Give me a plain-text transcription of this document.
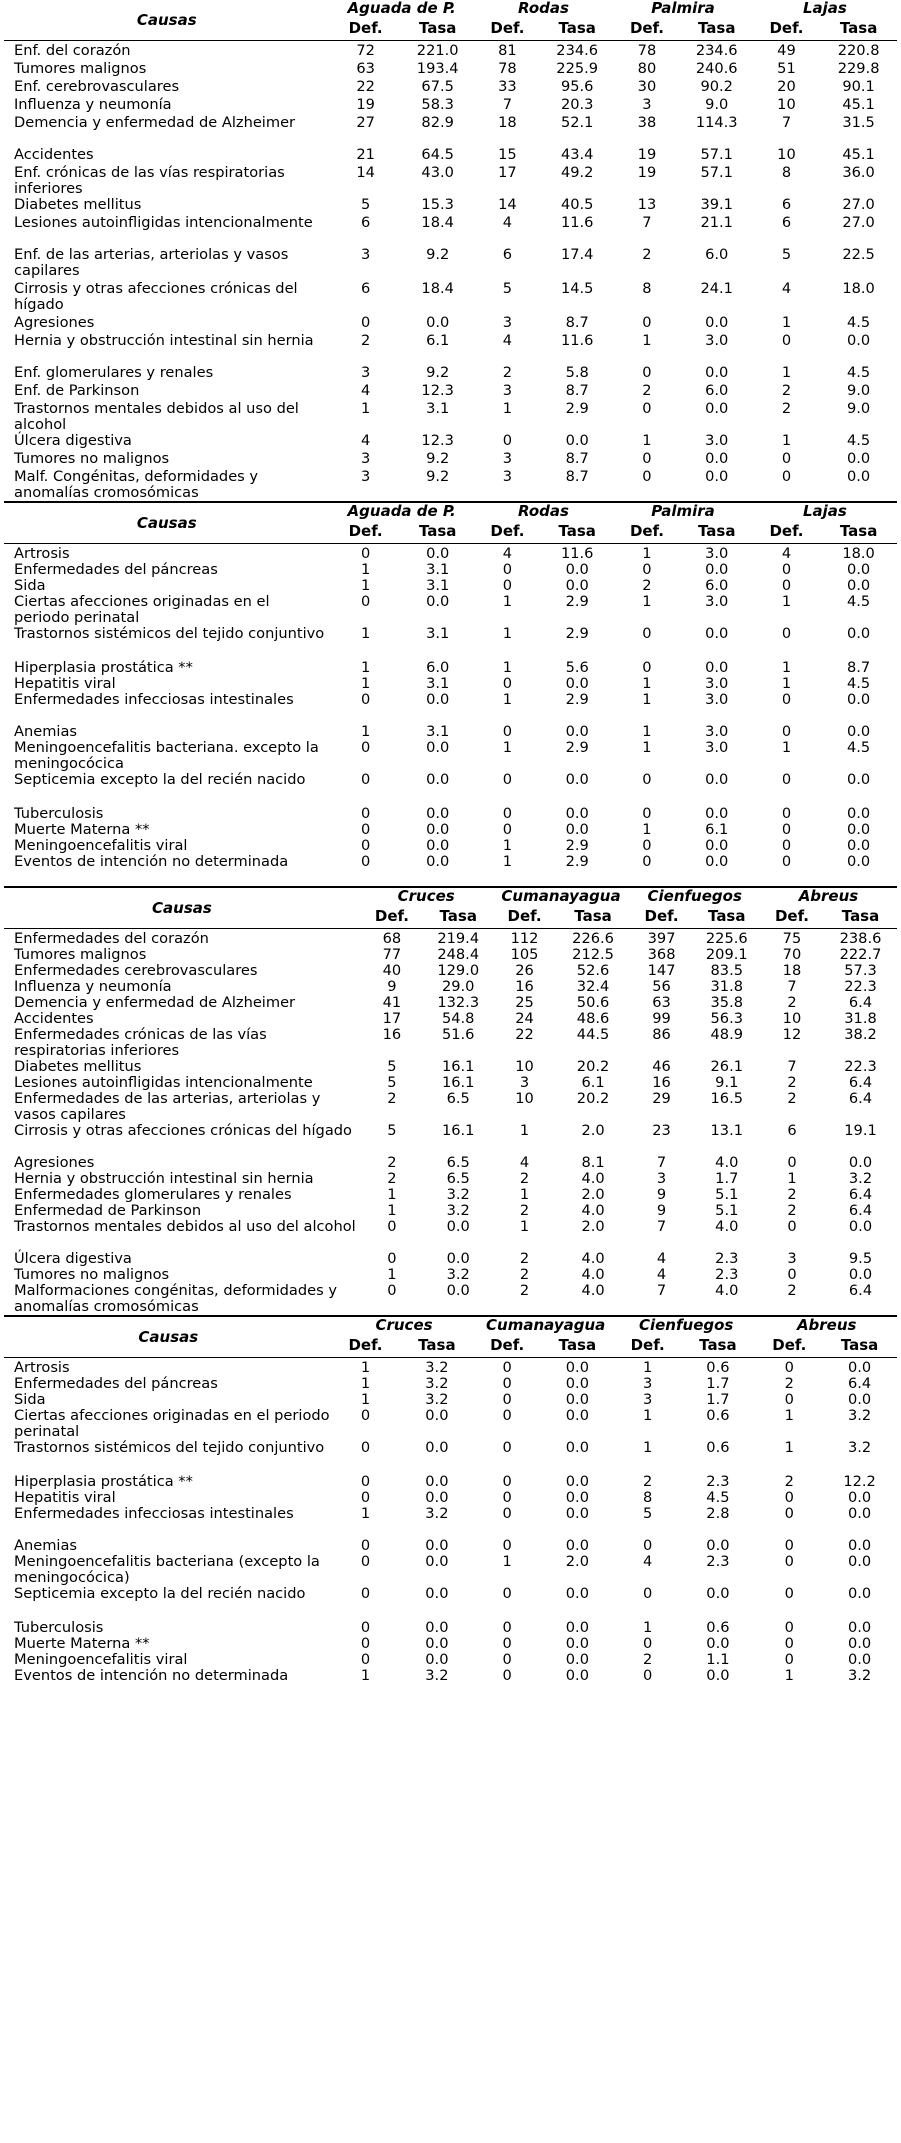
Causas	Aguada de P.		Rodas		Palmira		Lajas	
	Def.	Tasa	Def.	Tasa	Def.	Tasa	Def.	Tasa

Enf. del corazón	72	221.0	81	234.6	78	234.6	49	220.8
Tumores malignos	63	193.4	78	225.9	80	240.6	51	229.8
Enf. cerebrovasculares	22	67.5	33	95.6	30	90.2	20	90.1
Influenza y neumonía	19	58.3	7	20.3	3	9.0	10	45.1
Demencia y enfermedad de Alzheimer	27	82.9	18	52.1	38	114.3	7	31.5
Accidentes	21	64.5	15	43.4	19	57.1	10	45.1
Enf. crónicas de las vías respiratorias inferiores	14	43.0	17	49.2	19	57.1	8	36.0
Diabetes mellitus	5	15.3	14	40.5	13	39.1	6	27.0
Lesiones autoinfligidas intencionalmente	6	18.4	4	11.6	7	21.1	6	27.0
Enf. de las arterias, arteriolas y vasos capilares	3	9.2	6	17.4	2	6.0	5	22.5
Cirrosis y otras afecciones crónicas del hígado	6	18.4	5	14.5	8	24.1	4	18.0
Agresiones	0	0.0	3	8.7	0	0.0	1	4.5
Hernia y obstrucción intestinal sin hernia	2	6.1	4	11.6	1	3.0	0	0.0
Enf. glomerulares y renales	3	9.2	2	5.8	0	0.0	1	4.5
Enf. de Parkinson	4	12.3	3	8.7	2	6.0	2	9.0
Trastornos mentales debidos al uso del alcohol	1	3.1	1	2.9	0	0.0	2	9.0
Úlcera digestiva	4	12.3	0	0.0	1	3.0	1	4.5
Tumores no malignos	3	9.2	3	8.7	0	0.0	0	0.0
Malf. Congénitas, deformidades y anomalías cromosómicas	3	9.2	3	8.7	0	0.0	0	0.0
Causas	Aguada de P.		Rodas		Palmira		Lajas	
	Def.	Tasa	Def.	Tasa	Def.	Tasa	Def.	Tasa

Artrosis	0	0.0	4	11.6	1	3.0	4	18.0
Enfermedades del páncreas	1	3.1	0	0.0	0	0.0	0	0.0
Sida	1	3.1	0	0.0	2	6.0	0	0.0
Ciertas afecciones originadas en el periodo perinatal	0	0.0	1	2.9	1	3.0	1	4.5
Trastornos sistémicos del tejido conjuntivo	1	3.1	1	2.9	0	0.0	0	0.0
Hiperplasia prostática **	1	6.0	1	5.6	0	0.0	1	8.7
Hepatitis viral	1	3.1	0	0.0	1	3.0	1	4.5
Enfermedades infecciosas intestinales	0	0.0	1	2.9	1	3.0	0	0.0
Anemias	1	3.1	0	0.0	1	3.0	0	0.0
Meningoencefalitis bacteriana. excepto la meningocócica	0	0.0	1	2.9	1	3.0	1	4.5
Septicemia excepto la del recién nacido	0	0.0	0	0.0	0	0.0	0	0.0
Tuberculosis	0	0.0	0	0.0	0	0.0	0	0.0
Muerte Materna **	0	0.0	0	0.0	1	6.1	0	0.0
Meningoencefalitis viral	0	0.0	1	2.9	0	0.0	0	0.0
Eventos de intención no determinada	0	0.0	1	2.9	0	0.0	0	0.0
Causas	Cruces		Cumanayagua		Cienfuegos		Abreus	
	Def.	Tasa	Def.	Tasa	Def.	Tasa	Def.	Tasa

Enfermedades del corazón	68	219.4	112	226.6	397	225.6	75	238.6
Tumores malignos	77	248.4	105	212.5	368	209.1	70	222.7
Enfermedades cerebrovasculares	40	129.0	26	52.6	147	83.5	18	57.3
Influenza y neumonía	9	29.0	16	32.4	56	31.8	7	22.3
Demencia y enfermedad de Alzheimer	41	132.3	25	50.6	63	35.8	2	6.4
Accidentes	17	54.8	24	48.6	99	56.3	10	31.8
Enfermedades crónicas de las vías respiratorias inferiores	16	51.6	22	44.5	86	48.9	12	38.2
Diabetes mellitus	5	16.1	10	20.2	46	26.1	7	22.3
Lesiones autoinfligidas intencionalmente	5	16.1	3	6.1	16	9.1	2	6.4
Enfermedades de las arterias, arteriolas y vasos capilares	2	6.5	10	20.2	29	16.5	2	6.4
Cirrosis y otras afecciones crónicas del hígado	5	16.1	1	2.0	23	13.1	6	19.1
Agresiones	2	6.5	4	8.1	7	4.0	0	0.0
Hernia y obstrucción intestinal sin hernia	2	6.5	2	4.0	3	1.7	1	3.2
Enfermedades glomerulares y renales	1	3.2	1	2.0	9	5.1	2	6.4
Enfermedad de Parkinson	1	3.2	2	4.0	9	5.1	2	6.4
Trastornos mentales debidos al uso del alcohol	0	0.0	1	2.0	7	4.0	0	0.0
Úlcera digestiva	0	0.0	2	4.0	4	2.3	3	9.5
Tumores no malignos	1	3.2	2	4.0	4	2.3	0	0.0
Malformaciones congénitas, deformidades y anomalías cromosómicas	0	0.0	2	4.0	7	4.0	2	6.4
Causas	Cruces		Cumanayagua		Cienfuegos		Abreus	
	Def.	Tasa	Def.	Tasa	Def.	Tasa	Def.	Tasa

Artrosis	1	3.2	0	0.0	1	0.6	0	0.0
Enfermedades del páncreas	1	3.2	0	0.0	3	1.7	2	6.4
Sida	1	3.2	0	0.0	3	1.7	0	0.0
Ciertas afecciones originadas en el periodo perinatal	0	0.0	0	0.0	1	0.6	1	3.2
Trastornos sistémicos del tejido conjuntivo	0	0.0	0	0.0	1	0.6	1	3.2
Hiperplasia prostática **	0	0.0	0	0.0	2	2.3	2	12.2
Hepatitis viral	0	0.0	0	0.0	8	4.5	0	0.0
Enfermedades infecciosas intestinales	1	3.2	0	0.0	5	2.8	0	0.0
Anemias	0	0.0	0	0.0	0	0.0	0	0.0
Meningoencefalitis bacteriana (excepto la meningocócica)	0	0.0	1	2.0	4	2.3	0	0.0
Septicemia excepto la del recién nacido	0	0.0	0	0.0	0	0.0	0	0.0
Tuberculosis	0	0.0	0	0.0	1	0.6	0	0.0
Muerte Materna **	0	0.0	0	0.0	0	0.0	0	0.0
Meningoencefalitis viral	0	0.0	0	0.0	2	1.1	0	0.0
Eventos de intención no determinada	1	3.2	0	0.0	0	0.0	1	3.2
